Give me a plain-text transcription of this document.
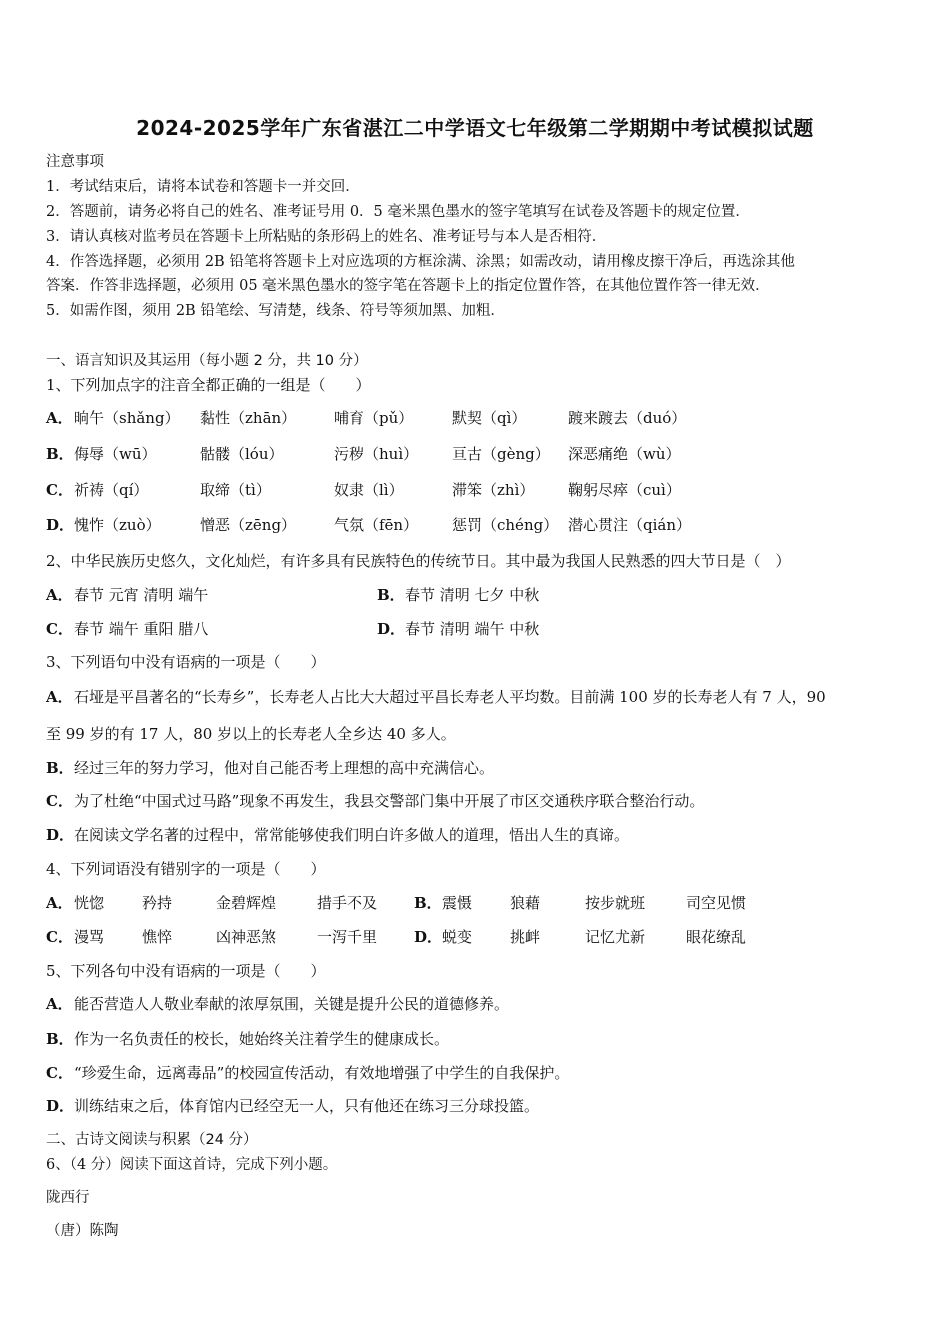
2024-2025学年广东省湛江二中学语文七年级第二学期期中考试模拟试题
注意事项
1．考试结束后，请将本试卷和答题卡一并交回．
2．答题前，请务必将自己的姓名、准考证号用 0．5 毫米黑色墨水的签字笔填写在试卷及答题卡的规定位置．
3．请认真核对监考员在答题卡上所粘贴的条形码上的姓名、准考证号与本人是否相符．
4．作答选择题，必须用 2B 铅笔将答题卡上对应选项的方框涂满、涂黑；如需改动，请用橡皮擦干净后，再选涂其他
答案．作答非选择题，必须用 05 毫米黑色墨水的签字笔在答题卡上的指定位置作答，在其他位置作答一律无效．
5．如需作图，须用 2B 铅笔绘、写清楚，线条、符号等须加黑、加粗．
一、语言知识及其运用（每小题 2 分，共 10 分）
1、下列加点字的注音全都正确的一组是（　　）
A． 晌午（shǎng） 黏性（zhān）	哺育（pǔ）	默契（qì）	踱来踱去（duó）
B． 侮辱（wū）	骷髅（lóu）	污秽（huì） 亘古（gèng） 深恶痛绝（wù）
C． 祈祷（qí）	取缔（tì）	奴隶（lì）	滞笨（zhì） 鞠躬尽瘁（cuì）
D． 愧怍（zuò）	憎恶（zēng）	气氛（fēn） 惩罚（chéng） 潜心贯注（qián）
2、中华民族历史悠久，文化灿烂，有许多具有民族特色的传统节日。其中最为我国人民熟悉的四大节日是（　）
A． 春节 元宵 清明 端午	B． 春节 清明 七夕 中秋
C． 春节 端午 重阳 腊八	D． 春节 清明 端午 中秋
3、下列语句中没有语病的一项是（　　）
A． 石垭是平昌著名的“长寿乡”，长寿老人占比大大超过平昌长寿老人平均数。目前满 100 岁的长寿老人有 7 人，90
至 99 岁的有 17 人，80 岁以上的长寿老人全乡达 40 多人。
B． 经过三年的努力学习，他对自己能否考上理想的高中充满信心。
C． 为了杜绝“中国式过马路”现象不再发生，我县交警部门集中开展了市区交通秩序联合整治行动。
D． 在阅读文学名著的过程中，常常能够使我们明白许多做人的道理，悟出人生的真谛。
4、下列词语没有错别字的一项是（　　）
A． 恍惚	矜持	金碧辉煌	措手不及 B． 震慑	狼藉	按步就班	司空见惯
C． 漫骂	憔悴	凶神恶煞	一泻千里 D． 蜕变	挑衅	记忆尤新	眼花缭乱
5、下列各句中没有语病的一项是（　　）
A． 能否营造人人敬业奉献的浓厚氛围，关键是提升公民的道德修养。
B． 作为一名负责任的校长，她始终关注着学生的健康成长。
C． “珍爱生命，远离毒品”的校园宣传活动，有效地增强了中学生的自我保护。
D． 训练结束之后，体育馆内已经空无一人，只有他还在练习三分球投篮。
二、古诗文阅读与积累（24 分）
6、（4 分）阅读下面这首诗，完成下列小题。
陇西行
（唐）陈陶
